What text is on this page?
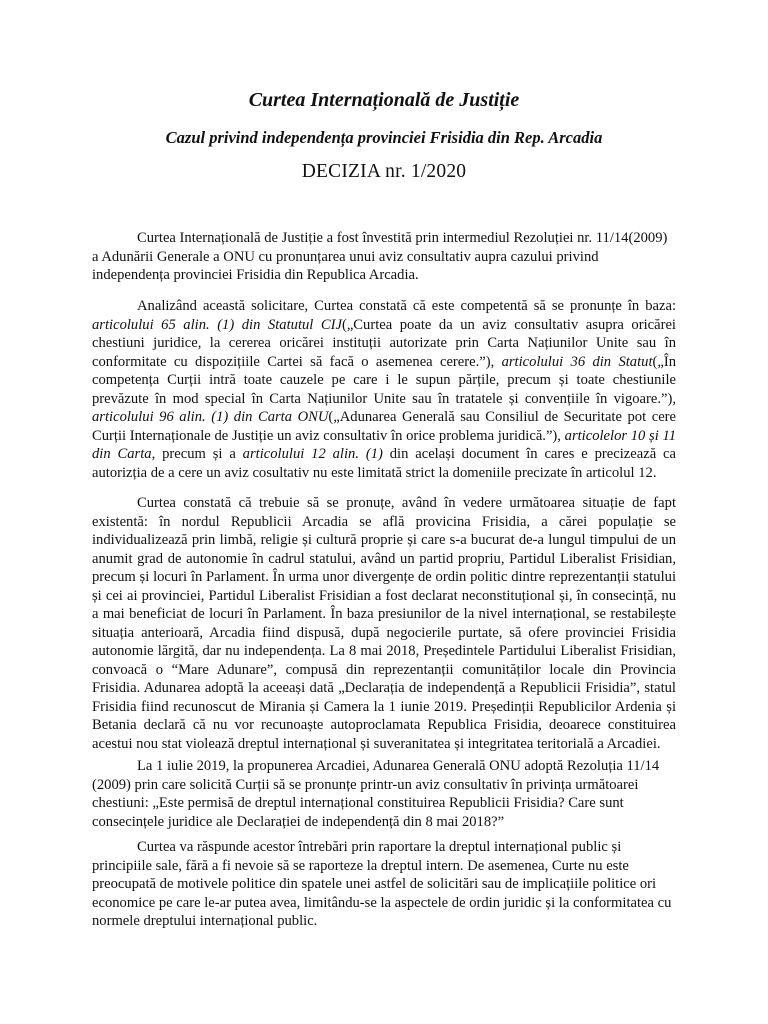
Curtea Internațională de Justiție
Cazul privind independența provinciei Frisidia din Rep. Arcadia
DECIZIA nr. 1/2020

Curtea Internațională de Justiție a fost învestită prin intermediul Rezoluției nr. 11/14(2009) a Adunării Generale a ONU cu pronunțarea unui aviz consultativ aupra cazului privind independența provinciei Frisidia din Republica Arcadia.

Analizând această solicitare, Curtea constată că este competentă să se pronunțe în baza: articolului 65 alin. (1) din Statutul CIJ(„Curtea poate da un aviz consultativ asupra oricărei chestiuni juridice, la cererea oricărei instituții autorizate prin Carta Națiunilor Unite sau în conformitate cu dispozițiile Cartei să facă o asemenea cerere.”), articolului 36 din Statut(„În competența Curții intră toate cauzele pe care i le supun părțile, precum și toate chestiunile prevăzute în mod special în Carta Națiunilor Unite sau în tratatele și convențiile în vigoare.”), articolului 96 alin. (1) din Carta ONU(„Adunarea Generală sau Consiliul de Securitate pot cere Curții Internaționale de Justiție un aviz consultativ în orice problema juridică.”), articolelor 10 și 11 din Carta, precum și a articolului 12 alin. (1) din același document în cares e precizează ca autorizția de a cere un aviz cosultativ nu este limitată strict la domeniile precizate în articolul 12.

Curtea constată că trebuie să se pronuțe, având în vedere următoarea situație de fapt existentă: în nordul Republicii Arcadia se află provicina Frisidia, a cărei populație se individualizează prin limbă, religie și cultură proprie și care s-a bucurat de-a lungul timpului de un anumit grad de autonomie în cadrul statului, având un partid propriu, Partidul Liberalist Frisidian, precum și locuri în Parlament. În urma unor divergențe de ordin politic dintre reprezentanții statului și cei ai provinciei, Partidul Liberalist Frisidian a fost declarat neconstituțional și, în consecință, nu a mai beneficiat de locuri în Parlament. În baza presiunilor de la nivel internațional, se restabilește situația anterioară, Arcadia fiind dispusă, după negocierile purtate, să ofere provinciei Frisidia autonomie lărgită, dar nu independența. La 8 mai 2018, Președintele Partidului Liberalist Frisidian, convoacă o “Mare Adunare”, compusă din reprezentanții comunităților locale din Provincia Frisidia. Adunarea adoptă la aceeași dată „Declarația de independență a Republicii Frisidia”, statul Frisidia fiind recunoscut de Mirania și Camera la 1 iunie 2019. Președinții Republicilor Ardenia și Betania declară că nu vor recunoaște autoproclamata Republica Frisidia, deoarece constituirea acestui nou stat violează dreptul internațional și suveranitatea și integritatea teritorială a Arcadiei.

La 1 iulie 2019, la propunerea Arcadiei, Adunarea Generală ONU adoptă Rezoluția 11/14 (2009) prin care solicită Curții să se pronunțe printr-un aviz consultativ în privința următoarei chestiuni: „Este permisă de dreptul internațional constituirea Republicii Frisidia? Care sunt consecințele juridice ale Declarației de independență din 8 mai 2018?”

Curtea va răspunde acestor întrebări prin raportare la dreptul internațional public și principiile sale, fără a fi nevoie să se raporteze la dreptul intern. De asemenea, Curte nu este preocupată de motivele politice din spatele unei astfel de solicitări sau de implicațiile politice ori economice pe care le-ar putea avea, limitându-se la aspectele de ordin juridic și la conformitatea cu normele dreptului internațional public.
